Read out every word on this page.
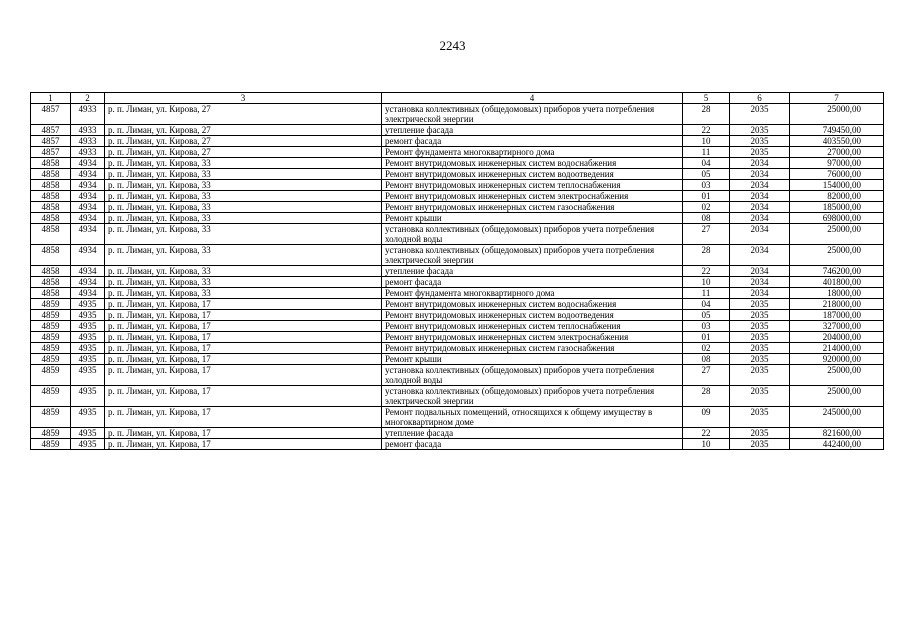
2243
1	2	3	4	5	6	7
4857	4933	р. п. Лиман, ул. Кирова, 27	установка коллективных (общедомовых) приборов учета потребления электрической энергии	28	2035	25000,00
4857	4933	р. п. Лиман, ул. Кирова, 27	утепление фасада	22	2035	749450,00
4857	4933	р. п. Лиман, ул. Кирова, 27	ремонт фасада	10	2035	403550,00
4857	4933	р. п. Лиман, ул. Кирова, 27	Ремонт фундамента многоквартирного дома	11	2035	27000,00
4858	4934	р. п. Лиман, ул. Кирова, 33	Ремонт внутридомовых инженерных систем водоснабжения	04	2034	97000,00
4858	4934	р. п. Лиман, ул. Кирова, 33	Ремонт внутридомовых инженерных систем водоотведения	05	2034	76000,00
4858	4934	р. п. Лиман, ул. Кирова, 33	Ремонт внутридомовых инженерных систем теплоснабжения	03	2034	154000,00
4858	4934	р. п. Лиман, ул. Кирова, 33	Ремонт внутридомовых инженерных систем электроснабжения	01	2034	82000,00
4858	4934	р. п. Лиман, ул. Кирова, 33	Ремонт внутридомовых инженерных систем газоснабжения	02	2034	185000,00
4858	4934	р. п. Лиман, ул. Кирова, 33	Ремонт крыши	08	2034	698000,00
4858	4934	р. п. Лиман, ул. Кирова, 33	установка коллективных (общедомовых) приборов учета потребления холодной воды	27	2034	25000,00
4858	4934	р. п. Лиман, ул. Кирова, 33	установка коллективных (общедомовых) приборов учета потребления электрической энергии	28	2034	25000,00
4858	4934	р. п. Лиман, ул. Кирова, 33	утепление фасада	22	2034	746200,00
4858	4934	р. п. Лиман, ул. Кирова, 33	ремонт фасада	10	2034	401800,00
4858	4934	р. п. Лиман, ул. Кирова, 33	Ремонт фундамента многоквартирного дома	11	2034	18000,00
4859	4935	р. п. Лиман, ул. Кирова, 17	Ремонт внутридомовых инженерных систем водоснабжения	04	2035	218000,00
4859	4935	р. п. Лиман, ул. Кирова, 17	Ремонт внутридомовых инженерных систем водоотведения	05	2035	187000,00
4859	4935	р. п. Лиман, ул. Кирова, 17	Ремонт внутридомовых инженерных систем теплоснабжения	03	2035	327000,00
4859	4935	р. п. Лиман, ул. Кирова, 17	Ремонт внутридомовых инженерных систем электроснабжения	01	2035	204000,00
4859	4935	р. п. Лиман, ул. Кирова, 17	Ремонт внутридомовых инженерных систем газоснабжения	02	2035	214000,00
4859	4935	р. п. Лиман, ул. Кирова, 17	Ремонт крыши	08	2035	920000,00
4859	4935	р. п. Лиман, ул. Кирова, 17	установка коллективных (общедомовых) приборов учета потребления холодной воды	27	2035	25000,00
4859	4935	р. п. Лиман, ул. Кирова, 17	установка коллективных (общедомовых) приборов учета потребления электрической энергии	28	2035	25000,00
4859	4935	р. п. Лиман, ул. Кирова, 17	Ремонт подвальных помещений, относящихся к общему имуществу в многоквартирном доме	09	2035	245000,00
4859	4935	р. п. Лиман, ул. Кирова, 17	утепление фасада	22	2035	821600,00
4859	4935	р. п. Лиман, ул. Кирова, 17	ремонт фасада	10	2035	442400,00
